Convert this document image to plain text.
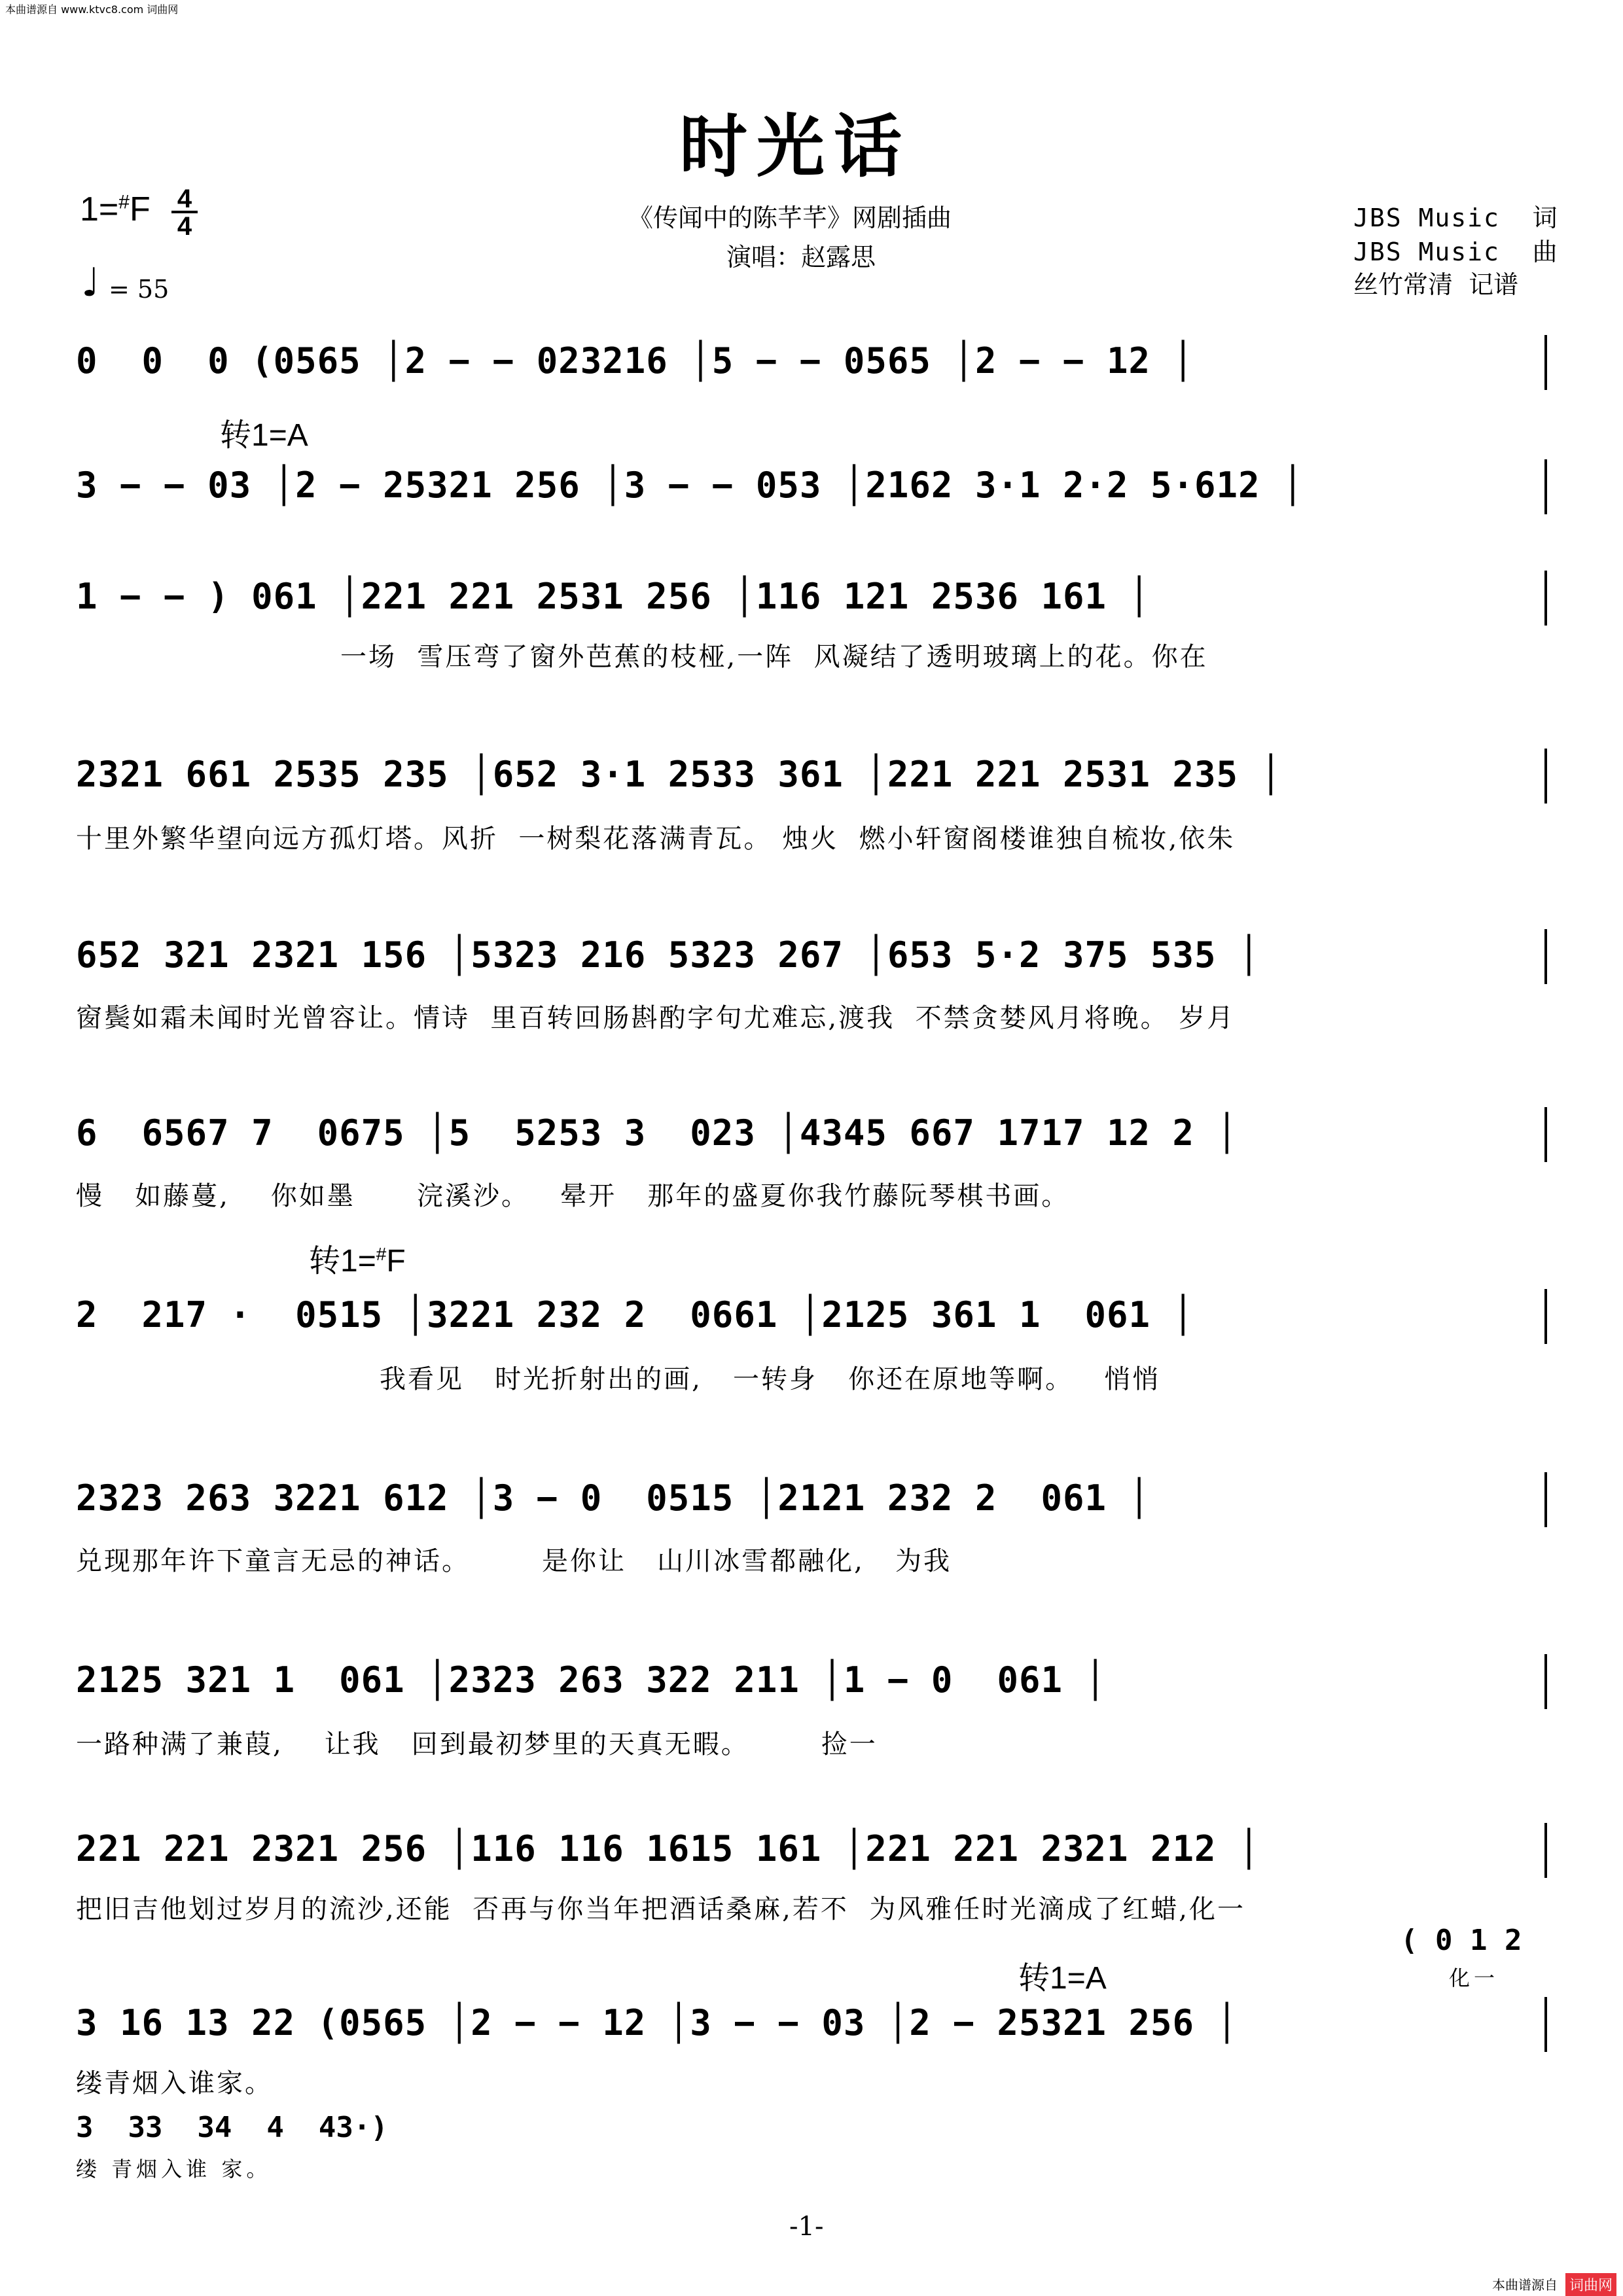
本曲谱源自 www.ktvc8.com 词曲网
时光话
$1=^{\#}F \frac{4}{4}$
♩ = 55
《传闻中的陈芊芊》网剧插曲
演唱：赵露思
JBS Music  词
JBS Music  曲
丝竹常清  记谱
转1=A
转1=#F
转1=A
0  0  0 (0565 │2 − − 023216 │5 − − 0565 │2 − − 12 │
3 − − 03 │2 − 25321 256 │3 − − 053 │2162 3·1 2·2 5·612 │
1 − − ) 061 │221 221 2531 256 │116 121 2536 161 │
一场  雪压弯了窗外芭蕉的枝桠,一阵  风凝结了透明玻璃上的花。你在
2321 661 2535 235 │652 3·1 2533 361 │221 221 2531 235 │
十里外繁华望向远方孤灯塔。风折  一树梨花落满青瓦。 烛火  燃小轩窗阁楼谁独自梳妆,依朱
652 321 2321 156 │5323 216 5323 267 │653 5·2 375 535 │
窗鬓如霜未闻时光曾容让。情诗  里百转回肠斟酌字句尤难忘,渡我  不禁贪婪风月将晚。 岁月
6  6567 7  0675 │5  5253 3  023 │4345 667 1717 12 2 │
慢   如藤蔓,    你如墨      浣溪沙。   晕开   那年的盛夏你我竹藤阮琴棋书画。
2  217 ·  0515 │3221 232 2  0661 │2125 361 1  061 │
我看见   时光折射出的画,   一转身   你还在原地等啊。   悄悄
2323 263 3221 612 │3 − 0  0515 │2121 232 2  061 │
兑现那年许下童言无忌的神话。       是你让   山川冰雪都融化,   为我
2125 321 1  061 │2323 263 322 211 │1 − 0  061 │
一路种满了兼葭,    让我   回到最初梦里的天真无暇。       捡一
221 221 2321 256 │116 116 1615 161 │221 221 2321 212 │
把旧吉他划过岁月的流沙,还能  否再与你当年把酒话桑麻,若不  为风雅任时光滴成了红蜡,化一
( 0 1 2
化一
3 16 13 22 (0565 │2 − − 12 │3 − − 03 │2 − 25321 256 │
缕青烟入谁家。
3  33  34  4  43·)
缕 青烟入谁 家。
-1-
本曲谱源自 词曲网
